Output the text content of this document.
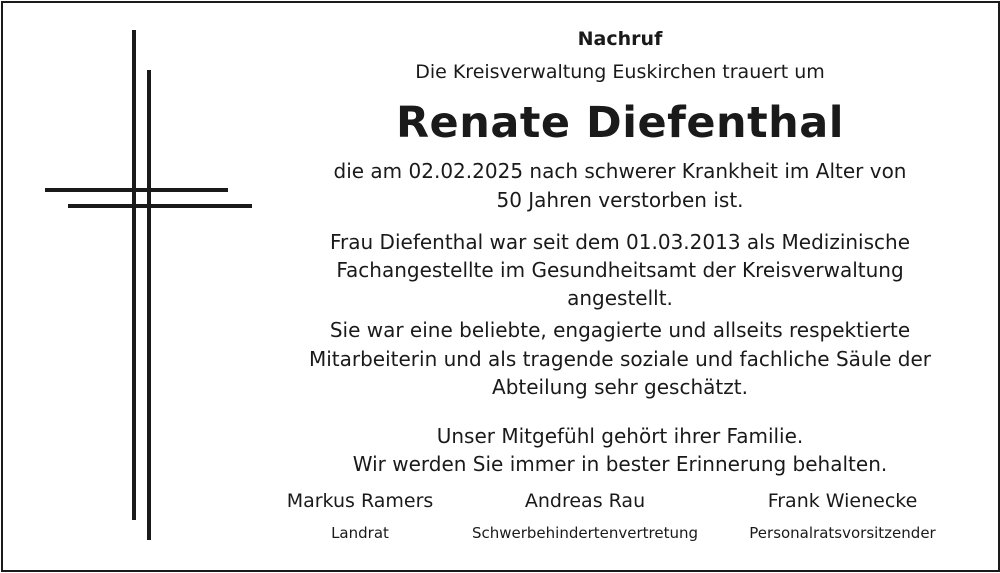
Nachruf
Die Kreisverwaltung Euskirchen trauert um
Renate Diefenthal
die am 02.02.2025 nach schwerer Krankheit im Alter von
50 Jahren verstorben ist.
Frau Diefenthal war seit dem 01.03.2013 als Medizinische
Fachangestellte im Gesundheitsamt der Kreisverwaltung
angestellt.
Sie war eine beliebte, engagierte und allseits respektierte
Mitarbeiterin und als tragende soziale und fachliche Säule der
Abteilung sehr geschätzt.
Unser Mitgefühl gehört ihrer Familie.
Wir werden Sie immer in bester Erinnerung behalten.
Markus Ramers
Landrat
Andreas Rau
Schwerbehindertenvertretung
Frank Wienecke
Personalratsvorsitzender
